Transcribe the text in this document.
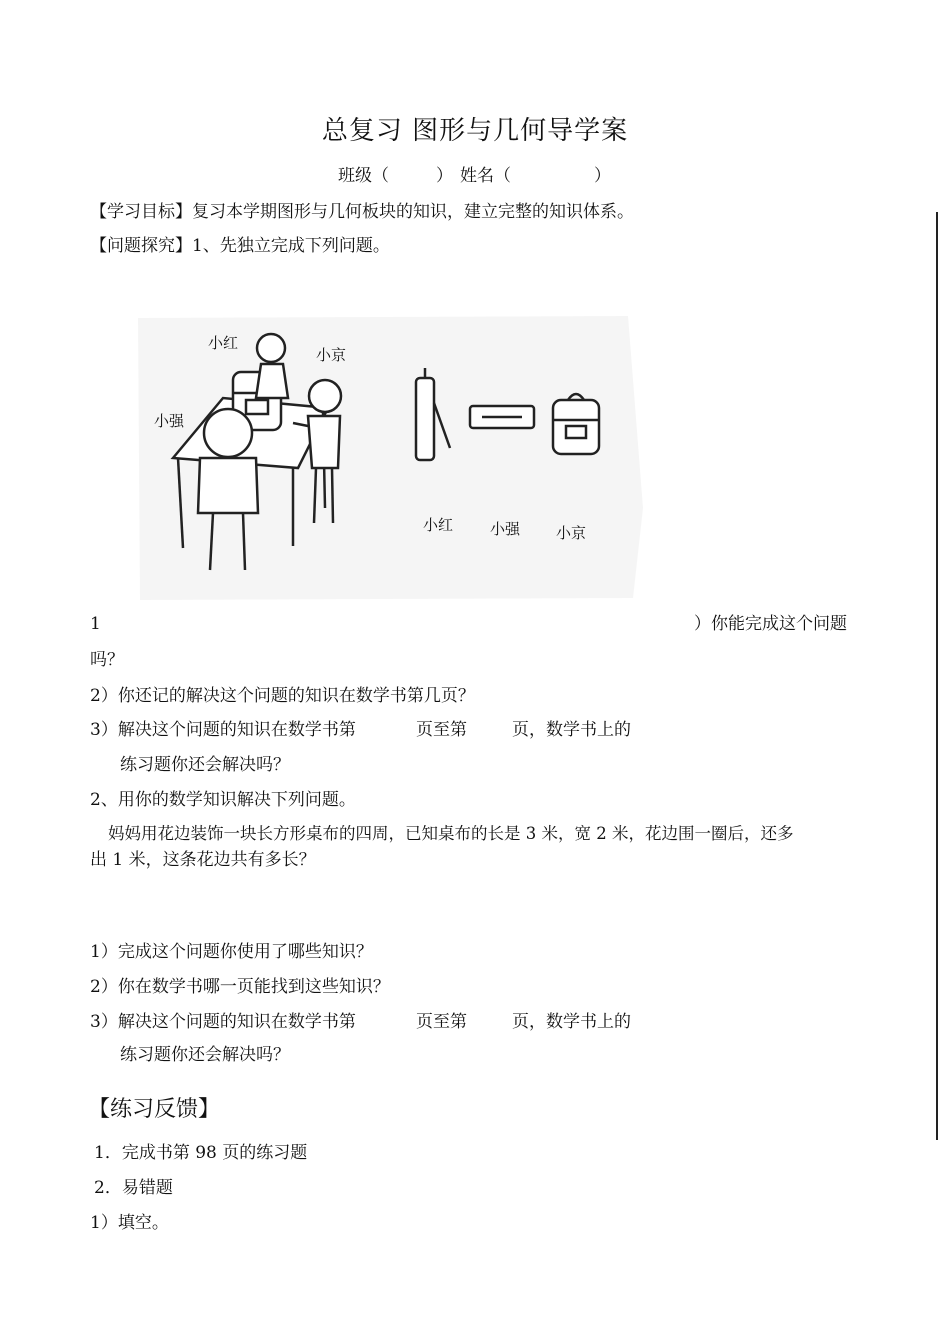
总复习 图形与几何导学案
班级（	） 姓名（	）
【学习目标】复习本学期图形与几何板块的知识，建立完整的知识体系。
【问题探究】1、先独立完成下列问题。
小红
小京
小强
小红 小强 小京
1	）你能完成这个问题
吗？
2）你还记的解决这个问题的知识在数学书第几页？
3）解决这个问题的知识在数学书第	页至第	页，数学书上的
练习题你还会解决吗？
2、用你的数学知识解决下列问题。
妈妈用花边装饰一块长方形桌布的四周，已知桌布的长是 3 米，宽 2 米，花边围一圈后，还多
出 1 米，这条花边共有多长？
1）完成这个问题你使用了哪些知识？
2）你在数学书哪一页能找到这些知识？
3）解决这个问题的知识在数学书第	页至第	页，数学书上的
练习题你还会解决吗？
【练习反馈】
1．完成书第 98 页的练习题
2．易错题
1）填空。
